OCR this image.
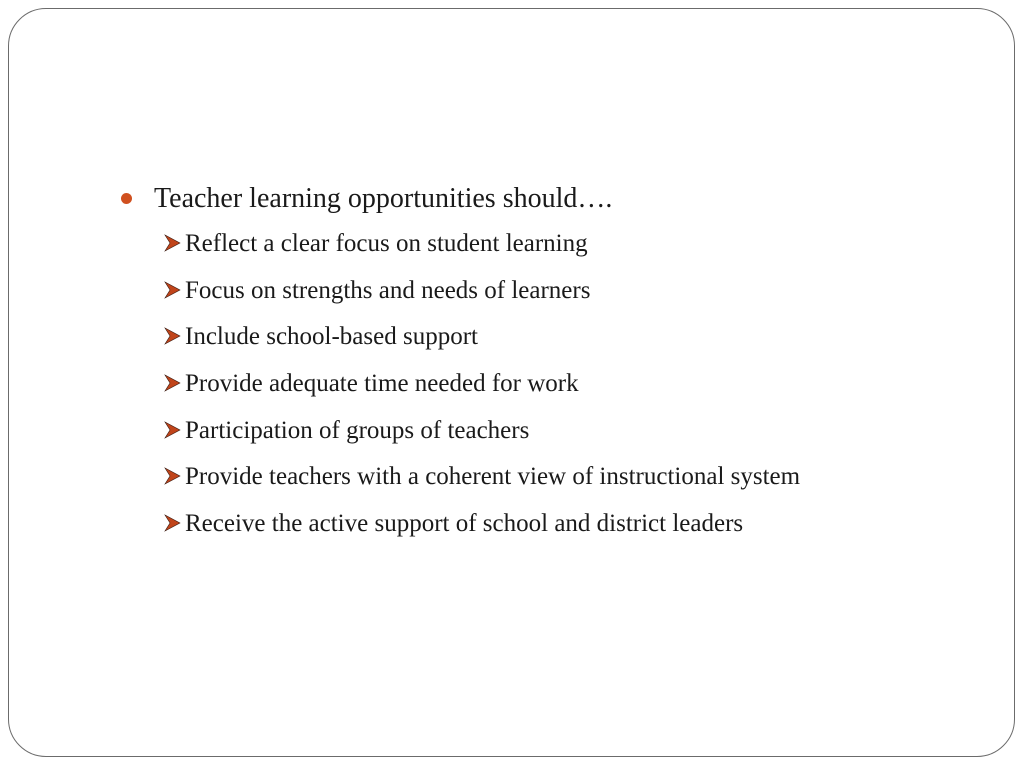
Teacher learning opportunities should….
Reflect a clear focus on student learning
Focus on strengths and needs of learners
Include school-based support
Provide adequate time needed for work
Participation of groups of teachers
Provide teachers with a coherent view of instructional system
Receive the active support of school and district leaders
